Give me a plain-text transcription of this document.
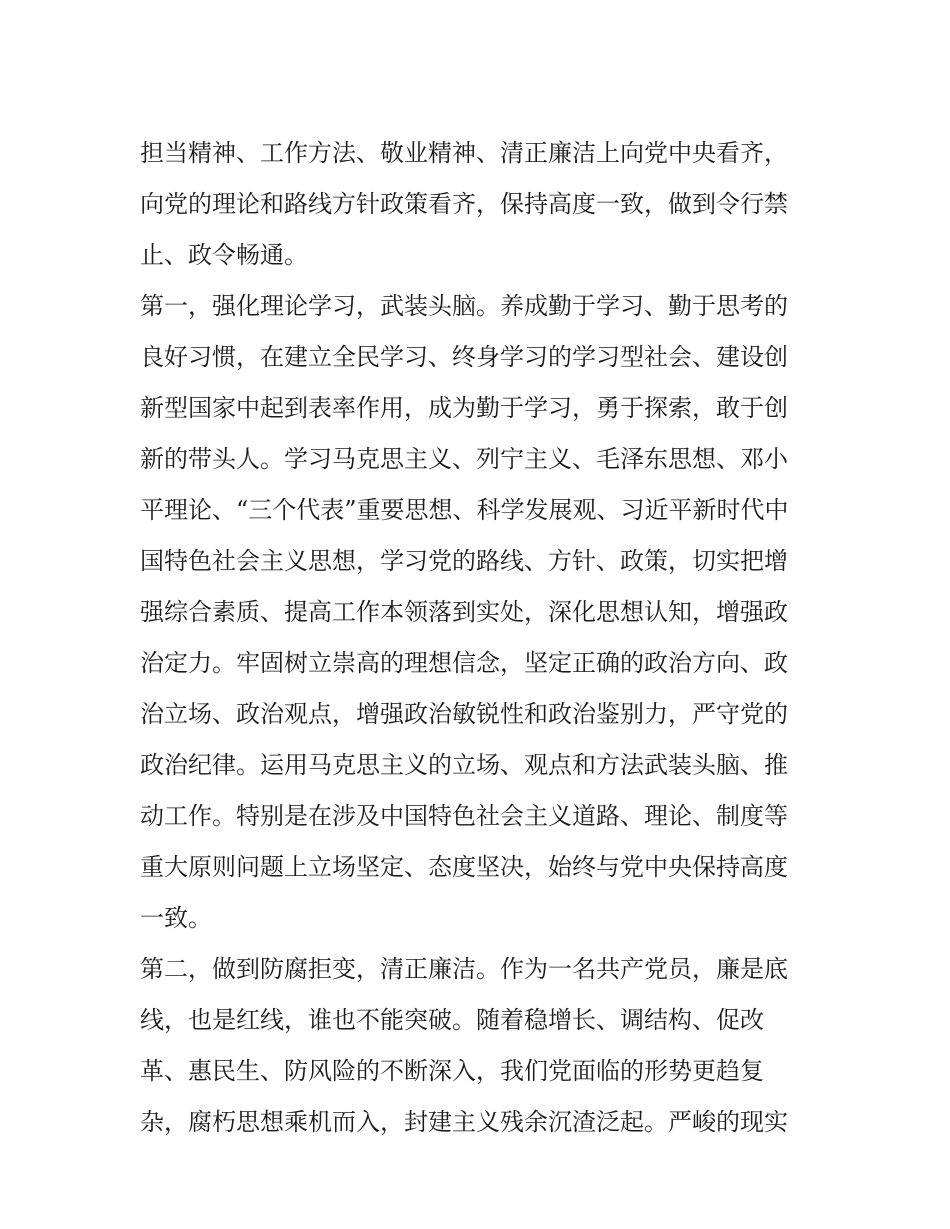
担当精神、工作方法、敬业精神、清正廉洁上向党中央看齐，
向党的理论和路线方针政策看齐，保持高度一致，做到令行禁
止、政令畅通。
第一，强化理论学习，武装头脑。养成勤于学习、勤于思考的
良好习惯，在建立全民学习、终身学习的学习型社会、建设创
新型国家中起到表率作用，成为勤于学习，勇于探索，敢于创
新的带头人。学习马克思主义、列宁主义、毛泽东思想、邓小
平理论、“三个代表”重要思想、科学发展观、习近平新时代中
国特色社会主义思想，学习党的路线、方针、政策，切实把增
强综合素质、提高工作本领落到实处，深化思想认知，增强政
治定力。牢固树立崇高的理想信念，坚定正确的政治方向、政
治立场、政治观点，增强政治敏锐性和政治鉴别力，严守党的
政治纪律。运用马克思主义的立场、观点和方法武装头脑、推
动工作。特别是在涉及中国特色社会主义道路、理论、制度等
重大原则问题上立场坚定、态度坚决，始终与党中央保持高度
一致。
第二，做到防腐拒变，清正廉洁。作为一名共产党员，廉是底
线，也是红线，谁也不能突破。随着稳增长、调结构、促改
革、惠民生、防风险的不断深入，我们党面临的形势更趋复
杂，腐朽思想乘机而入，封建主义残余沉渣泛起。严峻的现实
